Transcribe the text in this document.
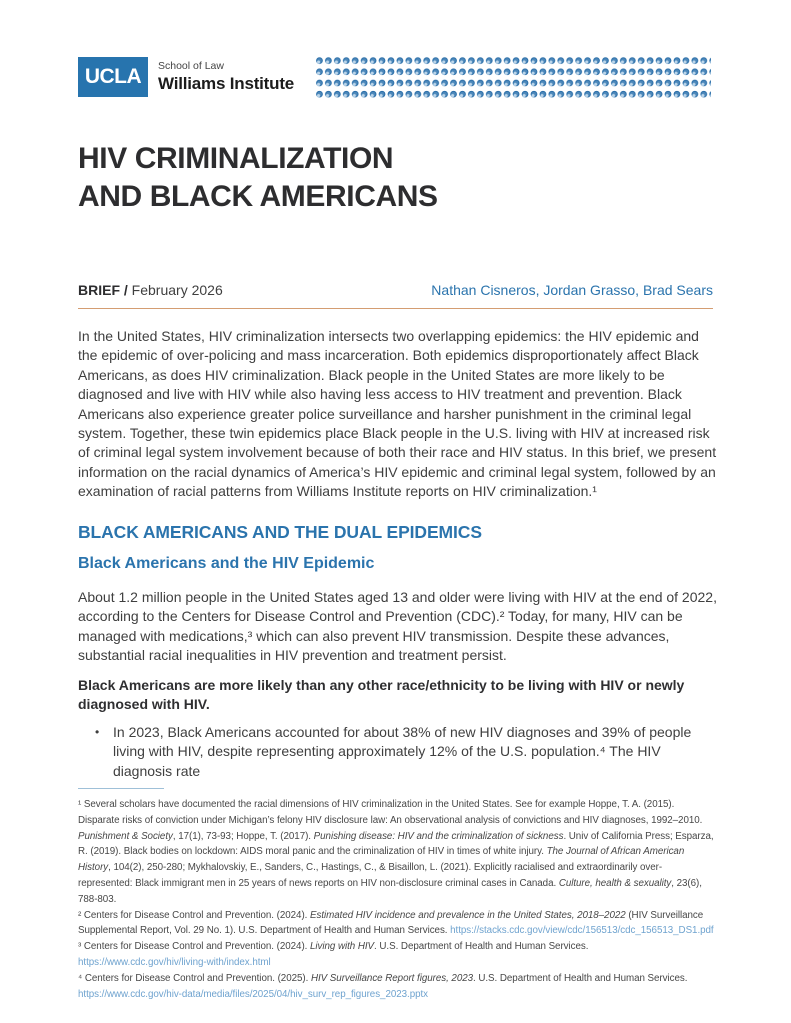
UCLA School of Law
Williams Institute
HIV CRIMINALIZATION
AND BLACK AMERICANS
BRIEF / February 2026	Nathan Cisneros, Jordan Grasso, Brad Sears

In the United States, HIV criminalization intersects two overlapping epidemics: the HIV epidemic and the epidemic of over-policing and mass incarceration. Both epidemics disproportionately affect Black Americans, as does HIV criminalization. Black people in the United States are more likely to be diagnosed and live with HIV while also having less access to HIV treatment and prevention. Black Americans also experience greater police surveillance and harsher punishment in the criminal legal system. Together, these twin epidemics place Black people in the U.S. living with HIV at increased risk of criminal legal system involvement because of both their race and HIV status. In this brief, we present information on the racial dynamics of America’s HIV epidemic and criminal legal system, followed by an examination of racial patterns from Williams Institute reports on HIV criminalization.¹

BLACK AMERICANS AND THE DUAL EPIDEMICS
Black Americans and the HIV Epidemic

About 1.2 million people in the United States aged 13 and older were living with HIV at the end of 2022, according to the Centers for Disease Control and Prevention (CDC).² Today, for many, HIV can be managed with medications,³ which can also prevent HIV transmission. Despite these advances, substantial racial inequalities in HIV prevention and treatment persist.

Black Americans are more likely than any other race/ethnicity to be living with HIV or newly diagnosed with HIV.

• In 2023, Black Americans accounted for about 38% of new HIV diagnoses and 39% of people living with HIV, despite representing approximately 12% of the U.S. population.⁴ The HIV diagnosis rate

¹ Several scholars have documented the racial dimensions of HIV criminalization in the United States. See for example Hoppe, T. A. (2015). Disparate risks of conviction under Michigan’s felony HIV disclosure law: An observational analysis of convictions and HIV diagnoses, 1992–2010. Punishment & Society, 17(1), 73-93; Hoppe, T. (2017). Punishing disease: HIV and the criminalization of sickness. Univ of California Press; Esparza, R. (2019). Black bodies on lockdown: AIDS moral panic and the criminalization of HIV in times of white injury. The Journal of African American History, 104(2), 250-280; Mykhalovskiy, E., Sanders, C., Hastings, C., & Bisaillon, L. (2021). Explicitly racialised and extraordinarily over-represented: Black immigrant men in 25 years of news reports on HIV non-disclosure criminal cases in Canada. Culture, health & sexuality, 23(6), 788-803.

² Centers for Disease Control and Prevention. (2024). Estimated HIV incidence and prevalence in the United States, 2018–2022 (HIV Surveillance Supplemental Report, Vol. 29 No. 1). U.S. Department of Health and Human Services. https://stacks.cdc.gov/view/cdc/156513/cdc_156513_DS1.pdf

³ Centers for Disease Control and Prevention. (2024). Living with HIV. U.S. Department of Health and Human Services. https://www.cdc.gov/hiv/living-with/index.html

⁴ Centers for Disease Control and Prevention. (2025). HIV Surveillance Report figures, 2023. U.S. Department of Health and Human Services. https://www.cdc.gov/hiv-data/media/files/2025/04/hiv_surv_rep_figures_2023.pptx
